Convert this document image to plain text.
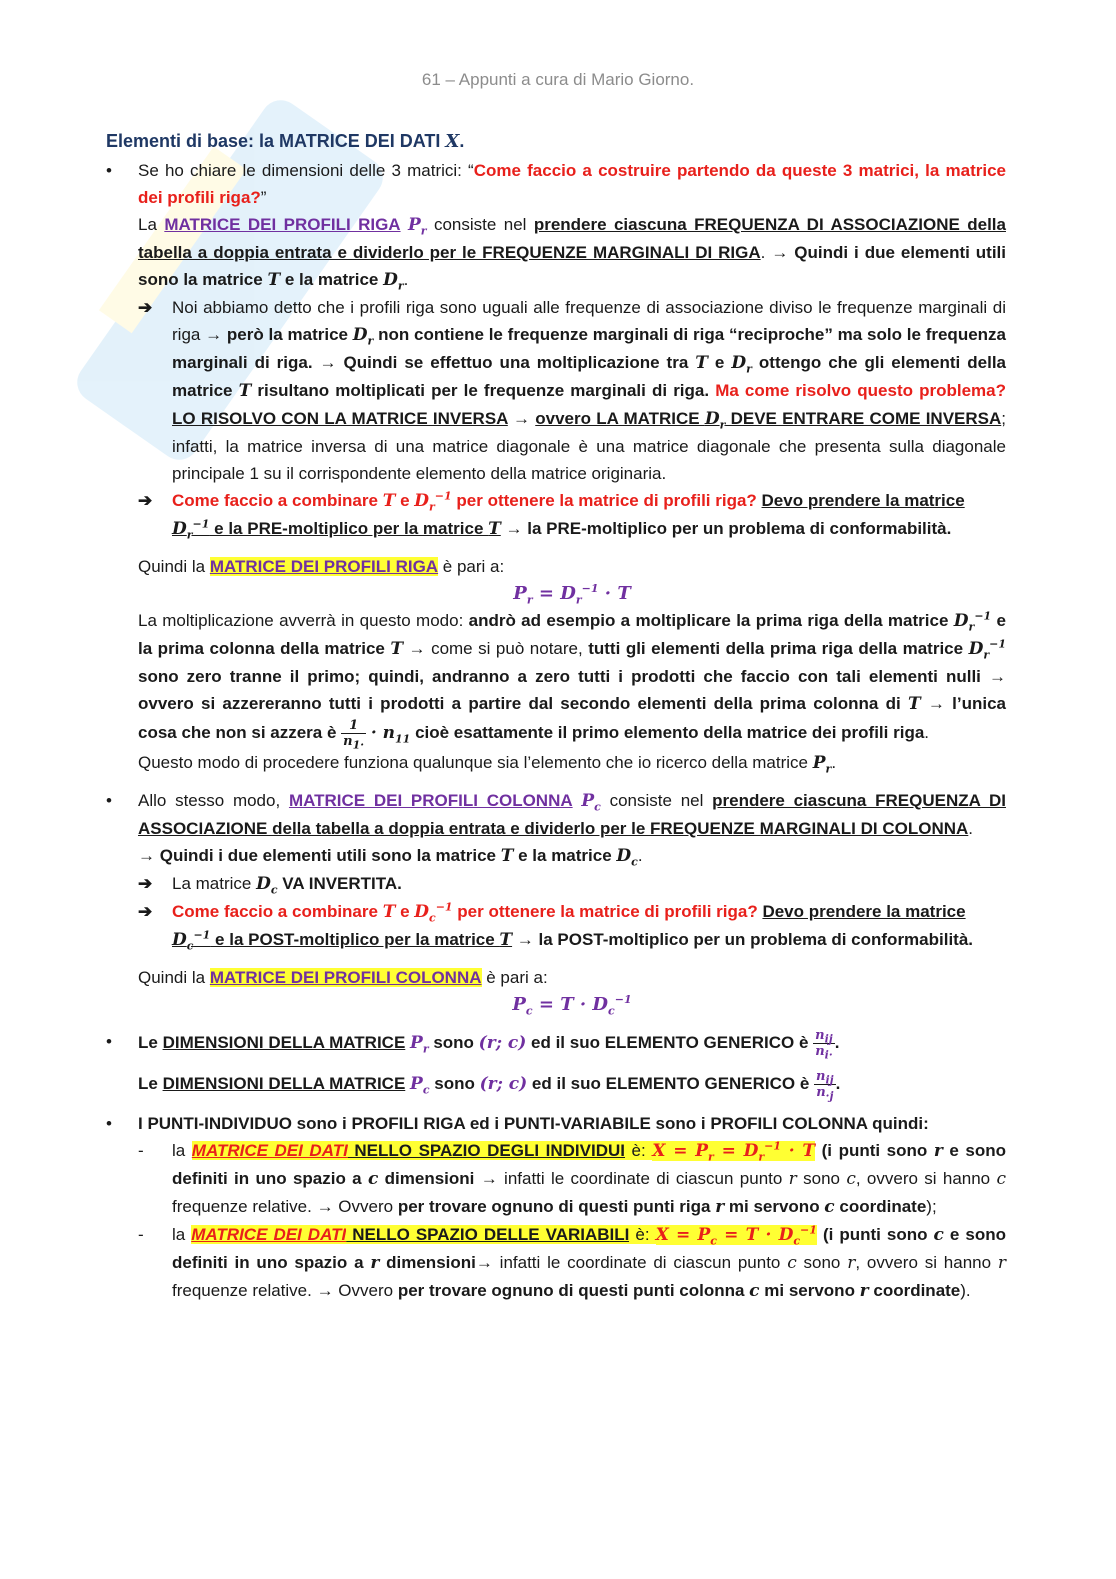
61 – Appunti a cura di Mario Giorno.
Elementi di base: la MATRICE DEI DATI X.
• Se ho chiare le dimensioni delle 3 matrici: “Come faccio a costruire partendo da queste 3 matrici, la matrice dei profili riga?”

La MATRICE DEI PROFILI RIGA $P_r$ consiste nel prendere ciascuna FREQUENZA DI ASSOCIAZIONE della tabella a doppia entrata e dividerlo per le FREQUENZE MARGINALI DI RIGA. → Quindi i due elementi utili sono la matrice T e la matrice $D_r$.

➔ Noi abbiamo detto che i profili riga sono uguali alle frequenze di associazione diviso le frequenze marginali di riga → però la matrice $D_r$ non contiene le frequenze marginali di riga “reciproche” ma solo le frequenza marginali di riga. → Quindi se effettuo una moltiplicazione tra T e $D_r$ ottengo che gli elementi della matrice T risultano moltiplicati per le frequenze marginali di riga. Ma come risolvo questo problema? LO RISOLVO CON LA MATRICE INVERSA → ovvero LA MATRICE $D_r$ DEVE ENTRARE COME INVERSA; infatti, la matrice inversa di una matrice diagonale è una matrice diagonale che presenta sulla diagonale principale 1 su il corrispondente elemento della matrice originaria.
➔ Come faccio a combinare T e $D_r^{-1}$ per ottenere la matrice di profili riga? Devo prendere la matrice
$D_r^{-1}$ e la PRE-moltiplico per la matrice T → la PRE-moltiplico per un problema di conformabilità.

Quindi la MATRICE DEI PROFILI RIGA è pari a:

$P_r = D_r^{-1} \cdot T$

La moltiplicazione avverrà in questo modo: andrò ad esempio a moltiplicare la prima riga della matrice $D_r^{-1}$ e la prima colonna della matrice T → come si può notare, tutti gli elementi della prima riga della matrice $D_r^{-1}$ sono zero tranne il primo; quindi, andranno a zero tutti i prodotti che faccio con tali elementi nulli → ovvero si azzereranno tutti i prodotti a partire dal secondo elementi della prima colonna di T → l’unica cosa che non si azzera è $\frac{1}{n_{1\cdot}} \cdot n_{11}$ cioè esattamente il primo elemento della matrice dei profili riga.

Questo modo di procedere funziona qualunque sia l’elemento che io ricerco della matrice $P_r$.

• Allo stesso modo, MATRICE DEI PROFILI COLONNA $P_c$ consiste nel prendere ciascuna FREQUENZA DI ASSOCIAZIONE della tabella a doppia entrata e dividerlo per le FREQUENZE MARGINALI DI COLONNA.
→ Quindi i due elementi utili sono la matrice T e la matrice $D_c$.

➔ La matrice $D_c$ VA INVERTITA.
➔ Come faccio a combinare T e $D_c^{-1}$ per ottenere la matrice di profili riga? Devo prendere la matrice
$D_c^{-1}$ e la POST-moltiplico per la matrice T → la POST-moltiplico per un problema di conformabilità.

Quindi la MATRICE DEI PROFILI COLONNA è pari a:

$P_c = T \cdot D_c^{-1}$
• Le DIMENSIONI DELLA MATRICE $P_r$ sono (r; c) ed il suo ELEMENTO GENERICO è $\frac{n_{ij}}{n_{i\cdot}}$ .

Le DIMENSIONI DELLA MATRICE $P_c$ sono (r; c) ed il suo ELEMENTO GENERICO è $\frac{n_{ij}}{n_{\cdot j}}$ .

• I PUNTI-INDIVIDUO sono i PROFILI RIGA ed i PUNTI-VARIABILE sono i PROFILI COLONNA quindi:

- la MATRICE DEI DATI NELLO SPAZIO DEGLI INDIVIDUI è: $X = P_r = D_r^{-1} \cdot T$ (i punti sono r e sono definiti in uno spazio a c dimensioni → infatti le coordinate di ciascun punto r sono c, ovvero si hanno c frequenze relative. → Ovvero per trovare ognuno di questi punti riga r mi servono c coordinate);
- la MATRICE DEI DATI NELLO SPAZIO DELLE VARIABILI è: $X = P_c = T \cdot D_c^{-1}$ (i punti sono c e sono definiti in uno spazio a r dimensioni→ infatti le coordinate di ciascun punto c sono r, ovvero si hanno r frequenze relative. → Ovvero per trovare ognuno di questi punti colonna c mi servono r coordinate).
